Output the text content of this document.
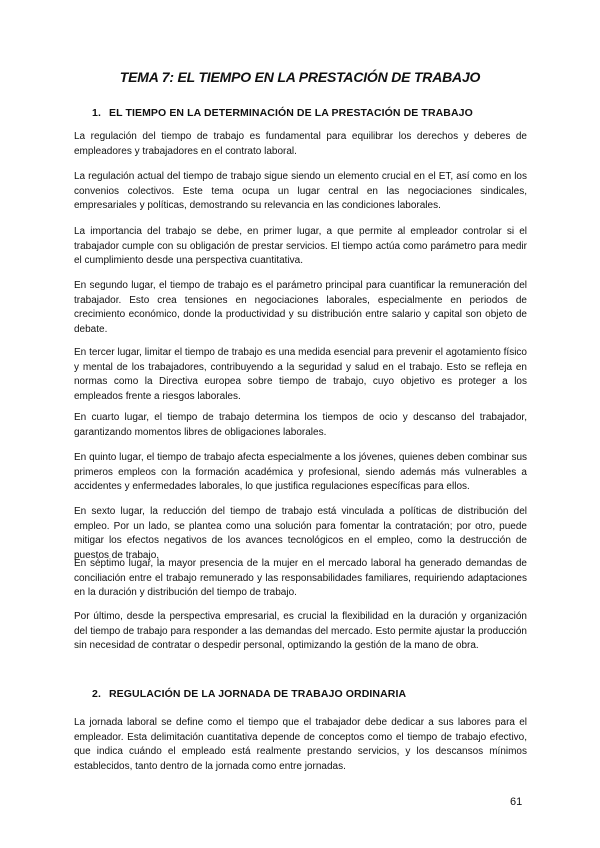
TEMA 7: EL TIEMPO EN LA PRESTACIÓN DE TRABAJO
1. EL TIEMPO EN LA DETERMINACIÓN DE LA PRESTACIÓN DE TRABAJO

La regulación del tiempo de trabajo es fundamental para equilibrar los derechos y deberes de empleadores y trabajadores en el contrato laboral.

La regulación actual del tiempo de trabajo sigue siendo un elemento crucial en el ET, así como en los convenios colectivos. Este tema ocupa un lugar central en las negociaciones sindicales, empresariales y políticas, demostrando su relevancia en las condiciones laborales.

La importancia del trabajo se debe, en primer lugar, a que permite al empleador controlar si el trabajador cumple con su obligación de prestar servicios. El tiempo actúa como parámetro para medir el cumplimiento desde una perspectiva cuantitativa.

En segundo lugar, el tiempo de trabajo es el parámetro principal para cuantificar la remuneración del trabajador. Esto crea tensiones en negociaciones laborales, especialmente en periodos de crecimiento económico, donde la productividad y su distribución entre salario y capital son objeto de debate.

En tercer lugar, limitar el tiempo de trabajo es una medida esencial para prevenir el agotamiento físico y mental de los trabajadores, contribuyendo a la seguridad y salud en el trabajo. Esto se refleja en normas como la Directiva europea sobre tiempo de trabajo, cuyo objetivo es proteger a los empleados frente a riesgos laborales.

En cuarto lugar, el tiempo de trabajo determina los tiempos de ocio y descanso del trabajador, garantizando momentos libres de obligaciones laborales.

En quinto lugar, el tiempo de trabajo afecta especialmente a los jóvenes, quienes deben combinar sus primeros empleos con la formación académica y profesional, siendo además más vulnerables a accidentes y enfermedades laborales, lo que justifica regulaciones específicas para ellos.

En sexto lugar, la reducción del tiempo de trabajo está vinculada a políticas de distribución del empleo. Por un lado, se plantea como una solución para fomentar la contratación; por otro, puede mitigar los efectos negativos de los avances tecnológicos en el empleo, como la destrucción de puestos de trabajo.

En séptimo lugar, la mayor presencia de la mujer en el mercado laboral ha generado demandas de conciliación entre el trabajo remunerado y las responsabilidades familiares, requiriendo adaptaciones en la duración y distribución del tiempo de trabajo.

Por último, desde la perspectiva empresarial, es crucial la flexibilidad en la duración y organización del tiempo de trabajo para responder a las demandas del mercado. Esto permite ajustar la producción sin necesidad de contratar o despedir personal, optimizando la gestión de la mano de obra.

2. REGULACIÓN DE LA JORNADA DE TRABAJO ORDINARIA

La jornada laboral se define como el tiempo que el trabajador debe dedicar a sus labores para el empleador. Esta delimitación cuantitativa depende de conceptos como el tiempo de trabajo efectivo, que indica cuándo el empleado está realmente prestando servicios, y los descansos mínimos establecidos, tanto dentro de la jornada como entre jornadas.

61
